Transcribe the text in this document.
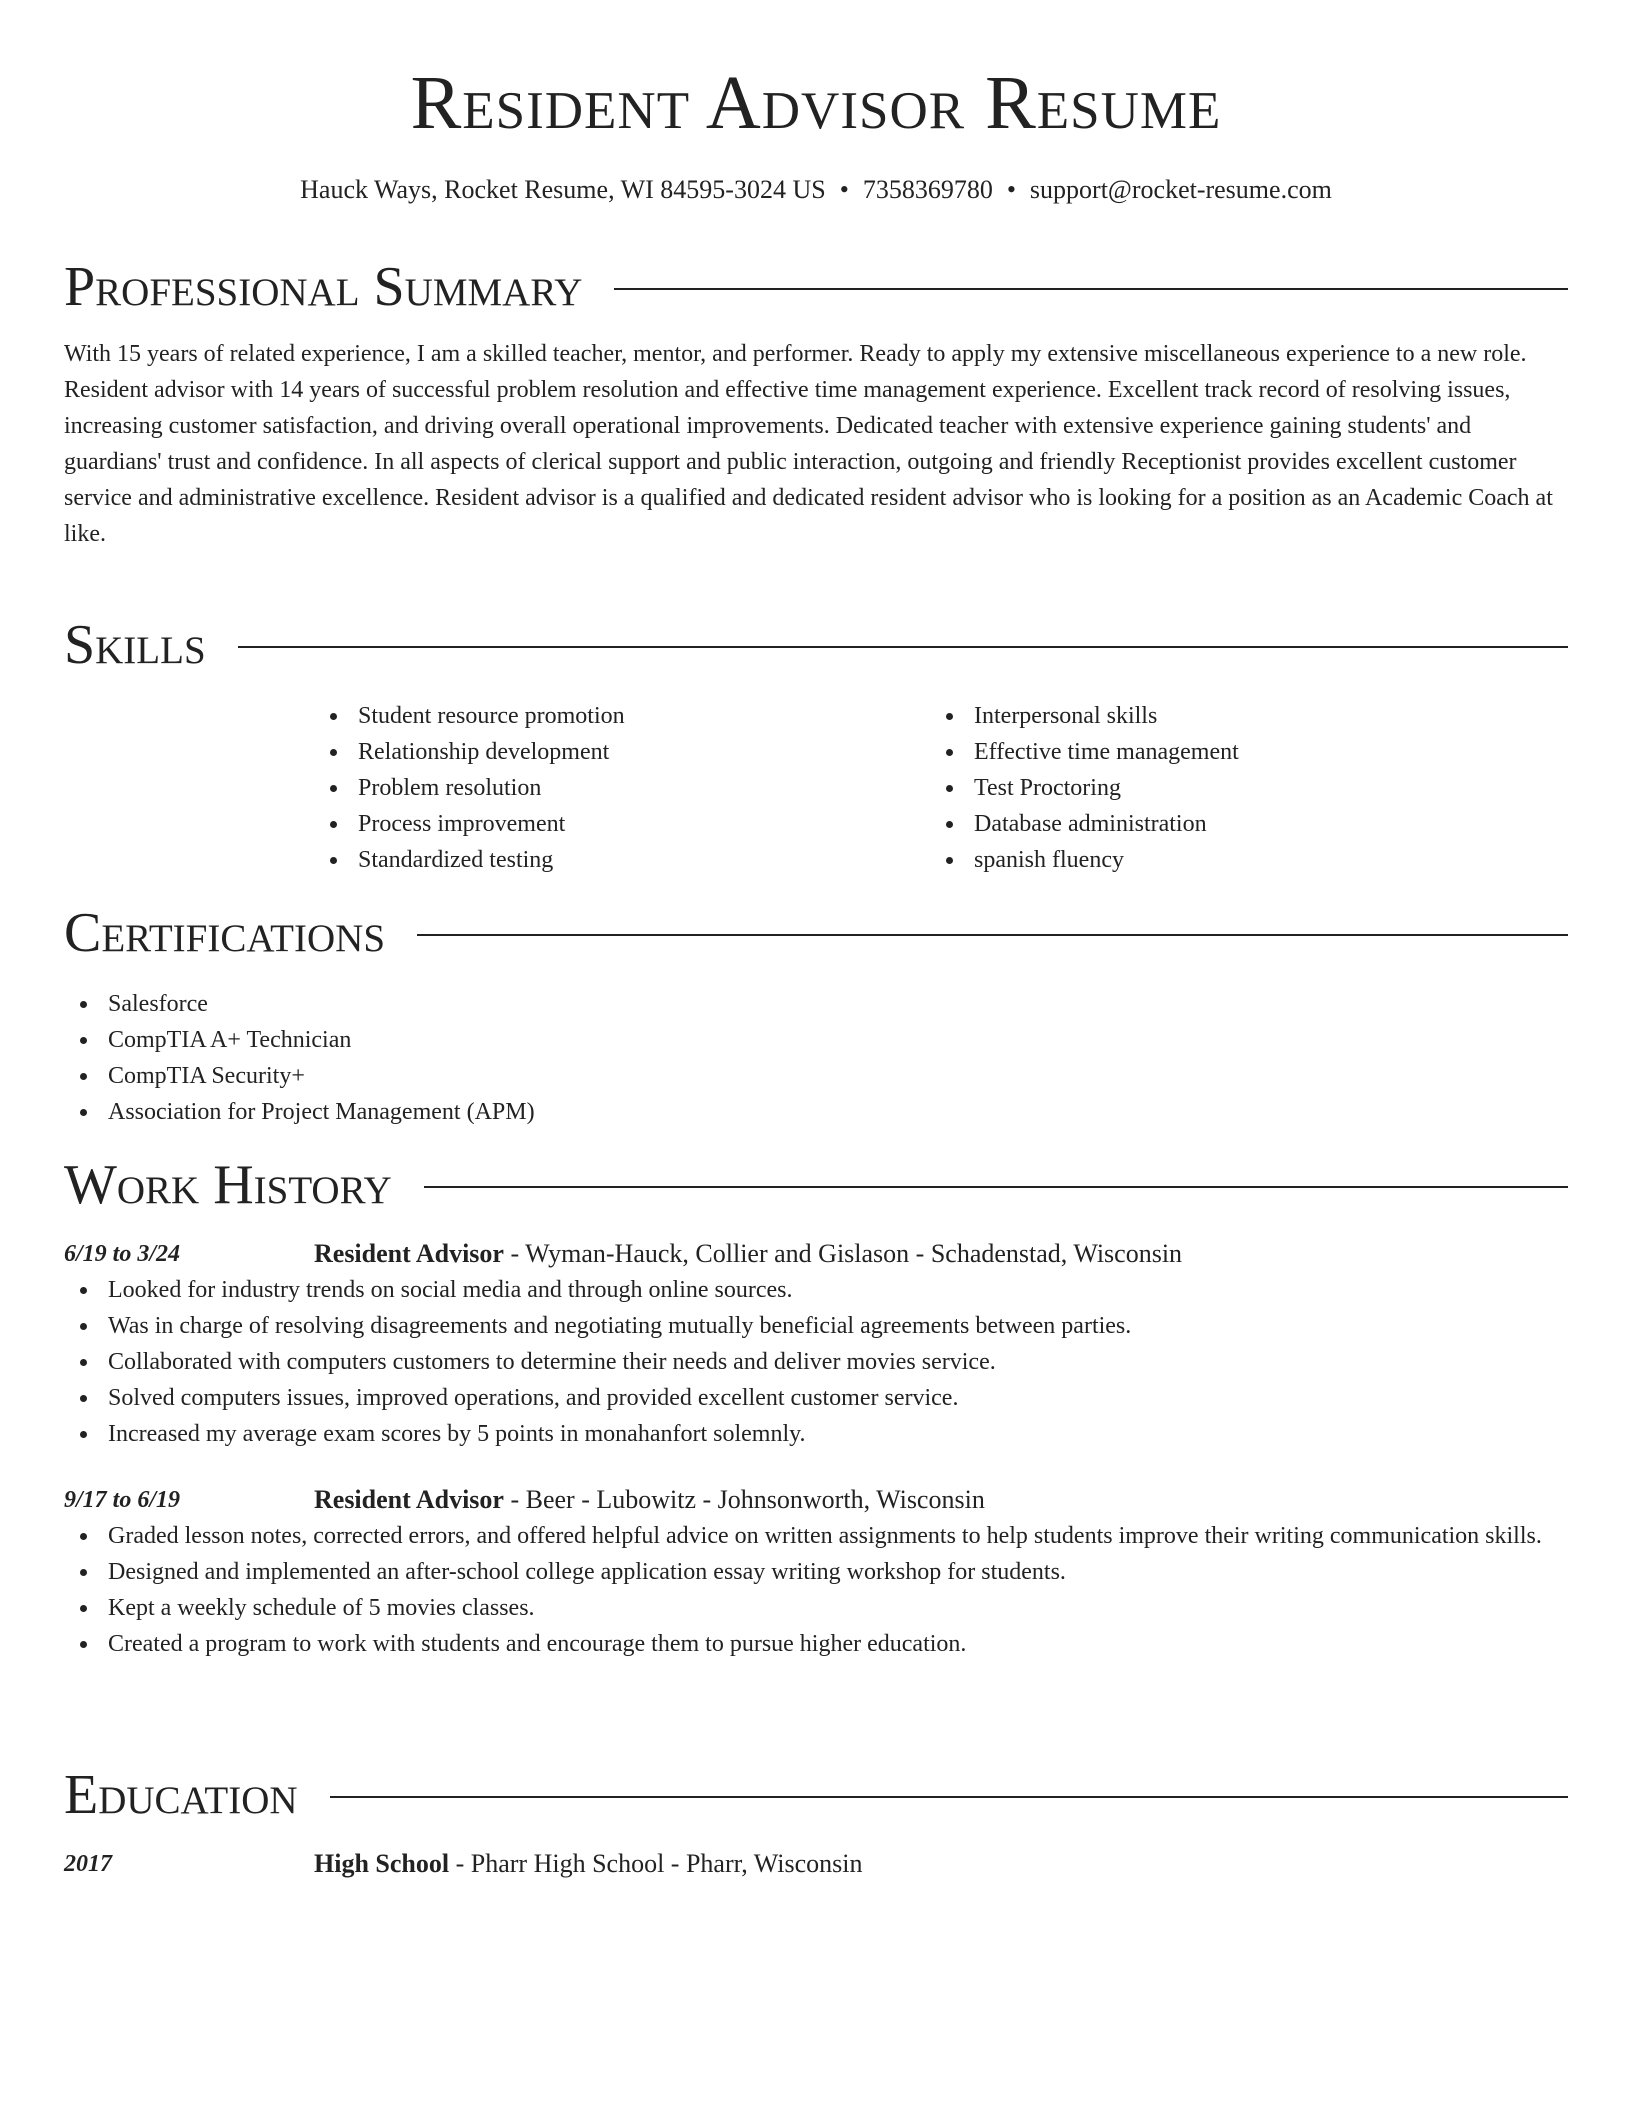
Resident Advisor Resume
Hauck Ways, Rocket Resume, WI 84595-3024 US • 7358369780 • support@rocket-resume.com
Professional Summary

With 15 years of related experience, I am a skilled teacher, mentor, and performer. Ready to apply my extensive miscellaneous experience to a new role. Resident advisor with 14 years of successful problem resolution and effective time management experience. Excellent track record of resolving issues, increasing customer satisfaction, and driving overall operational improvements. Dedicated teacher with extensive experience gaining students' and guardians' trust and confidence. In all aspects of clerical support and public interaction, outgoing and friendly Receptionist provides excellent customer service and administrative excellence. Resident advisor is a qualified and dedicated resident advisor who is looking for a position as an Academic Coach at like.

Skills
Student resource promotion
Relationship development
Problem resolution
Process improvement
Standardized testing
Interpersonal skills
Effective time management
Test Proctoring
Database administration
spanish fluency
Certifications
Salesforce
CompTIA A+ Technician
CompTIA Security+
Association for Project Management (APM)
Work History
6/19 to 3/24	Resident Advisor - Wyman-Hauck, Collier and Gislason - Schadenstad, Wisconsin
Looked for industry trends on social media and through online sources.
Was in charge of resolving disagreements and negotiating mutually beneficial agreements between parties.
Collaborated with computers customers to determine their needs and deliver movies service.
Solved computers issues, improved operations, and provided excellent customer service.
Increased my average exam scores by 5 points in monahanfort solemnly.
9/17 to 6/19	Resident Advisor - Beer - Lubowitz - Johnsonworth, Wisconsin
Graded lesson notes, corrected errors, and offered helpful advice on written assignments to help students improve their writing communication skills.
Designed and implemented an after-school college application essay writing workshop for students.
Kept a weekly schedule of 5 movies classes.
Created a program to work with students and encourage them to pursue higher education.
Education
2017	High School - Pharr High School - Pharr, Wisconsin
